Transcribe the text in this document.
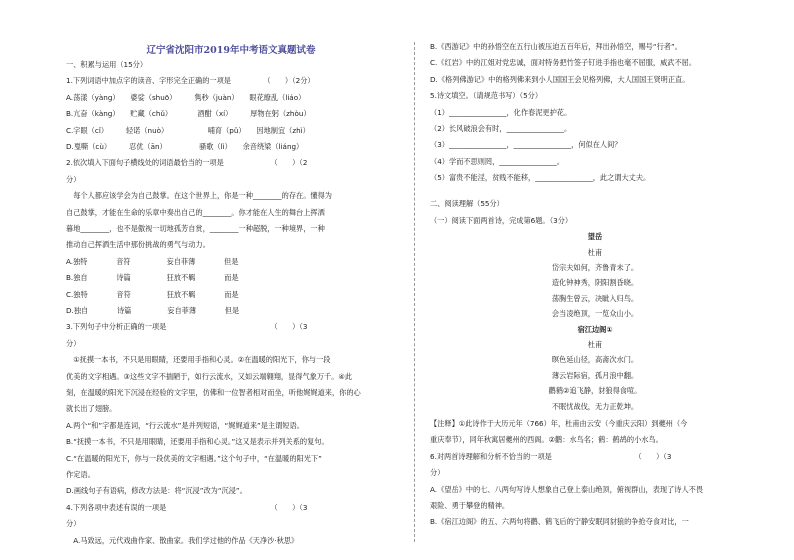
辽宁省沈阳市2019年中考语文真题试卷
一、积累与运用（15分）
1.下列词语中加点字的读音、字形完全正确的一项是　　　　　（　　）（2分）
A.荡漾（yàng）　　婆娑（shuō）　　　隽秒（juàn）　　眼花缭乱（liáo）
B.亢奋（kàng）　　贮藏（chǔ）　　　　酒酣（xí）　　　厚物在躬（zhòu）
C.字眼（cǐ）　　　轻诺（nuò）　　　　　　哺育（pǔ）　　因地制宜（zhì）
D.戛嘶（cù）　　　忍优（ān）　　　　　骚歌（lì）　　余音绕梁（liáng）
2.依次填入下面句子横线处的词语最恰当的一项是　　　　　　　（　　）（2
分）
　每个人都应该学会为自己鼓掌。在这个世界上，你是一种________的存在。懂得为
自己鼓掌，才能在生命的乐章中奏出自己的________。你才能在人生的舞台上挥洒
暮地________，也不是傲视一切地孤芳自赏，________一种超脱，一种境界，一种
推动自己挥洒生活中那份挑战的勇气与动力。
A.独特　　　　音符　　　　　妄自菲薄　　　　但是
B.独自　　　　诗篇　　　　　狂放不羁　　　　而是
C.独特　　　　音符　　　　　狂放不羁　　　　而是
D.独自　　　　诗篇　　　　　妄自菲薄　　　　但是
3.下列句子中分析正确的一项是　　　　　　　　　　　　　　　（　　）（3
分）
　①抚摸一本书，不只是用眼睛，还要用手指和心灵。②在温暖的阳光下，你与一段
优美的文字相遇。③这些文字不揣陋于，如行云流水，又如云端翱翔，显得气象万千。④此
刻，在温暖的阳光下沉浸在经验的文字里，仿佛和一位智者相对而坐，听他娓娓道来，你的心
就长出了翅膀。
A.两个“和”字都是连词，“行云流水”是并列短语，“娓娓道来”是主谓短语。
B.“抚摸一本书，不只是用眼睛，还要用手指和心灵。”这又是表示并列关系的复句。
C.“在温暖的阳光下，你与一段优美的文字相遇。”这个句子中，“在温暖的阳光下”
作定语。
D.画线句子有语病，修改方法是：将“沉浸”改为“沉浸”。
4.下列各项中表述有误的一项是　　　　　　　　　　　　　　　（　　）（3
分）
　A.马致远，元代戏曲作家、散曲家。我们学过他的作品《天净沙·秋思》
B.《西游记》中的孙悟空在五行山被压迫五百年后，拜出孙悟空，赐号“行者”。
C.《红岩》中的江姐对党忠诚，面对特务把竹签子钉进手指也毫不屈服，威武不屈。
D.《格列佛游记》中的格列佛来到小人国国王会见格列佛，大人国国王贤明正直。
5.诗文填空。（请规范书写）（5分）
（1）________________，化作春泥更护花。
（2）长风破浪会有时，________________。
（3）________________，________________，何似在人间？
（4）学而不思则罔，________________。
（5）富贵不能淫，贫贱不能移，________________，此之谓大丈夫。
二、阅读理解（55分）
（一）阅读下面两首诗，完成第6题。（3分）
望岳
杜甫
岱宗夫如何，齐鲁青未了。
造化钟神秀，阴阳割昏晓。
荡胸生曾云，决眦入归鸟。
会当凌绝顶，一览众山小。
宿江边阁①
杜甫
暝色延山径，高斋次水门。
薄云岩际宿，孤月浪中翻。
鹳鹤②追飞静，豺狼得食喧。
不眠忧战伐，无力正乾坤。
【注释】①此诗作于大历元年（766）年，杜甫由云安（今重庆云阳）到夔州（今
重庆奉节），同年秋寓居夔州的西阁。②鹳：水鸟名；鹤：鹤鸪的小水鸟。
6.对两首诗理解和分析不恰当的一项是　　　　　　　　　　　　（　　）（3
分）
A.《望岳》中的七、八两句写诗人想象自己登上泰山绝顶，俯视群山，表现了诗人不畏
艰险、勇于攀登的精神。
B.《宿江边阁》的五、六两句将鹳、鹤飞后的宁静安眠同豺狼的争抢夺食对比，一
